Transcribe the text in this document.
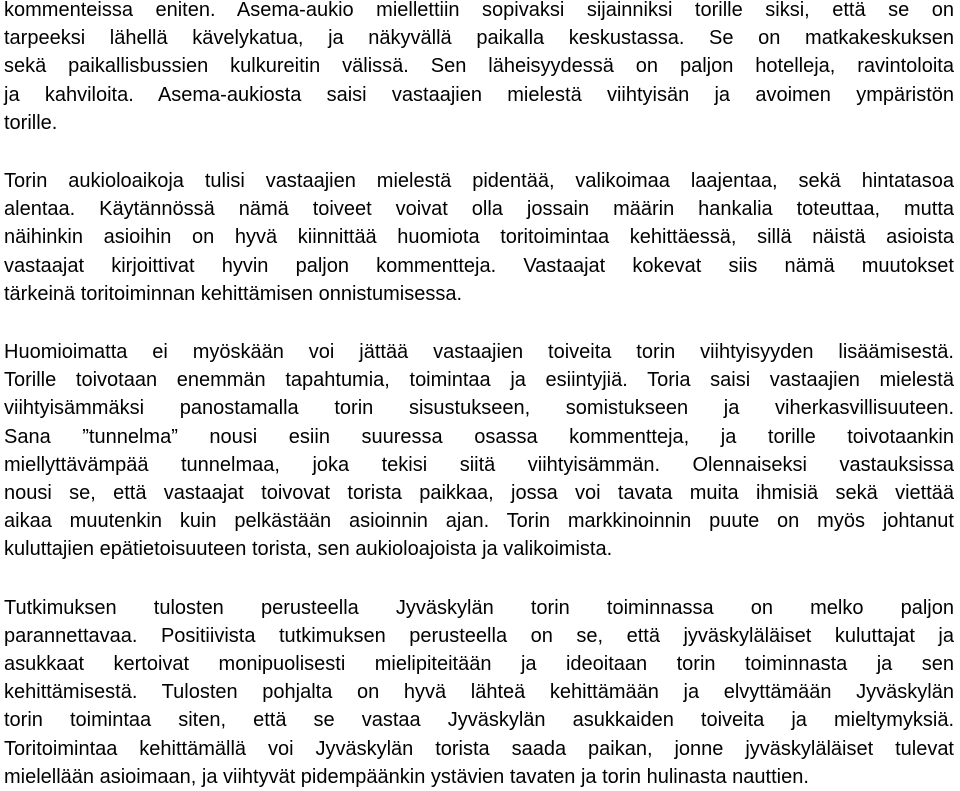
kommenteissa eniten. Asema-aukio miellettiin sopivaksi sijainniksi torille siksi, että se on
tarpeeksi lähellä kävelykatua, ja näkyvällä paikalla keskustassa. Se on matkakeskuksen
sekä paikallisbussien kulkureitin välissä. Sen läheisyydessä on paljon hotelleja, ravintoloita
ja kahviloita. Asema-aukiosta saisi vastaajien mielestä viihtyisän ja avoimen ympäristön
torille.

Torin aukioloaikoja tulisi vastaajien mielestä pidentää, valikoimaa laajentaa, sekä hintatasoa
alentaa. Käytännössä nämä toiveet voivat olla jossain määrin hankalia toteuttaa, mutta
näihinkin asioihin on hyvä kiinnittää huomiota toritoimintaa kehittäessä, sillä näistä asioista
vastaajat kirjoittivat hyvin paljon kommentteja. Vastaajat kokevat siis nämä muutokset
tärkeinä toritoiminnan kehittämisen onnistumisessa.

Huomioimatta ei myöskään voi jättää vastaajien toiveita torin viihtyisyyden lisäämisestä.
Torille toivotaan enemmän tapahtumia, toimintaa ja esiintyjiä. Toria saisi vastaajien mielestä
viihtyisämmäksi panostamalla torin sisustukseen, somistukseen ja viherkasvillisuuteen.
Sana ”tunnelma” nousi esiin suuressa osassa kommentteja, ja torille toivotaankin
miellyttävämpää tunnelmaa, joka tekisi siitä viihtyisämmän. Olennaiseksi vastauksissa
nousi se, että vastaajat toivovat torista paikkaa, jossa voi tavata muita ihmisiä sekä viettää
aikaa muutenkin kuin pelkästään asioinnin ajan. Torin markkinoinnin puute on myös johtanut
kuluttajien epätietoisuuteen torista, sen aukioloajoista ja valikoimista.

Tutkimuksen tulosten perusteella Jyväskylän torin toiminnassa on melko paljon
parannettavaa. Positiivista tutkimuksen perusteella on se, että jyväskyläläiset kuluttajat ja
asukkaat kertoivat monipuolisesti mielipiteitään ja ideoitaan torin toiminnasta ja sen
kehittämisestä. Tulosten pohjalta on hyvä lähteä kehittämään ja elvyttämään Jyväskylän
torin toimintaa siten, että se vastaa Jyväskylän asukkaiden toiveita ja mieltymyksiä.
Toritoimintaa kehittämällä voi Jyväskylän torista saada paikan, jonne jyväskyläläiset tulevat
mielellään asioimaan, ja viihtyvät pidempäänkin ystävien tavaten ja torin hulinasta nauttien.
